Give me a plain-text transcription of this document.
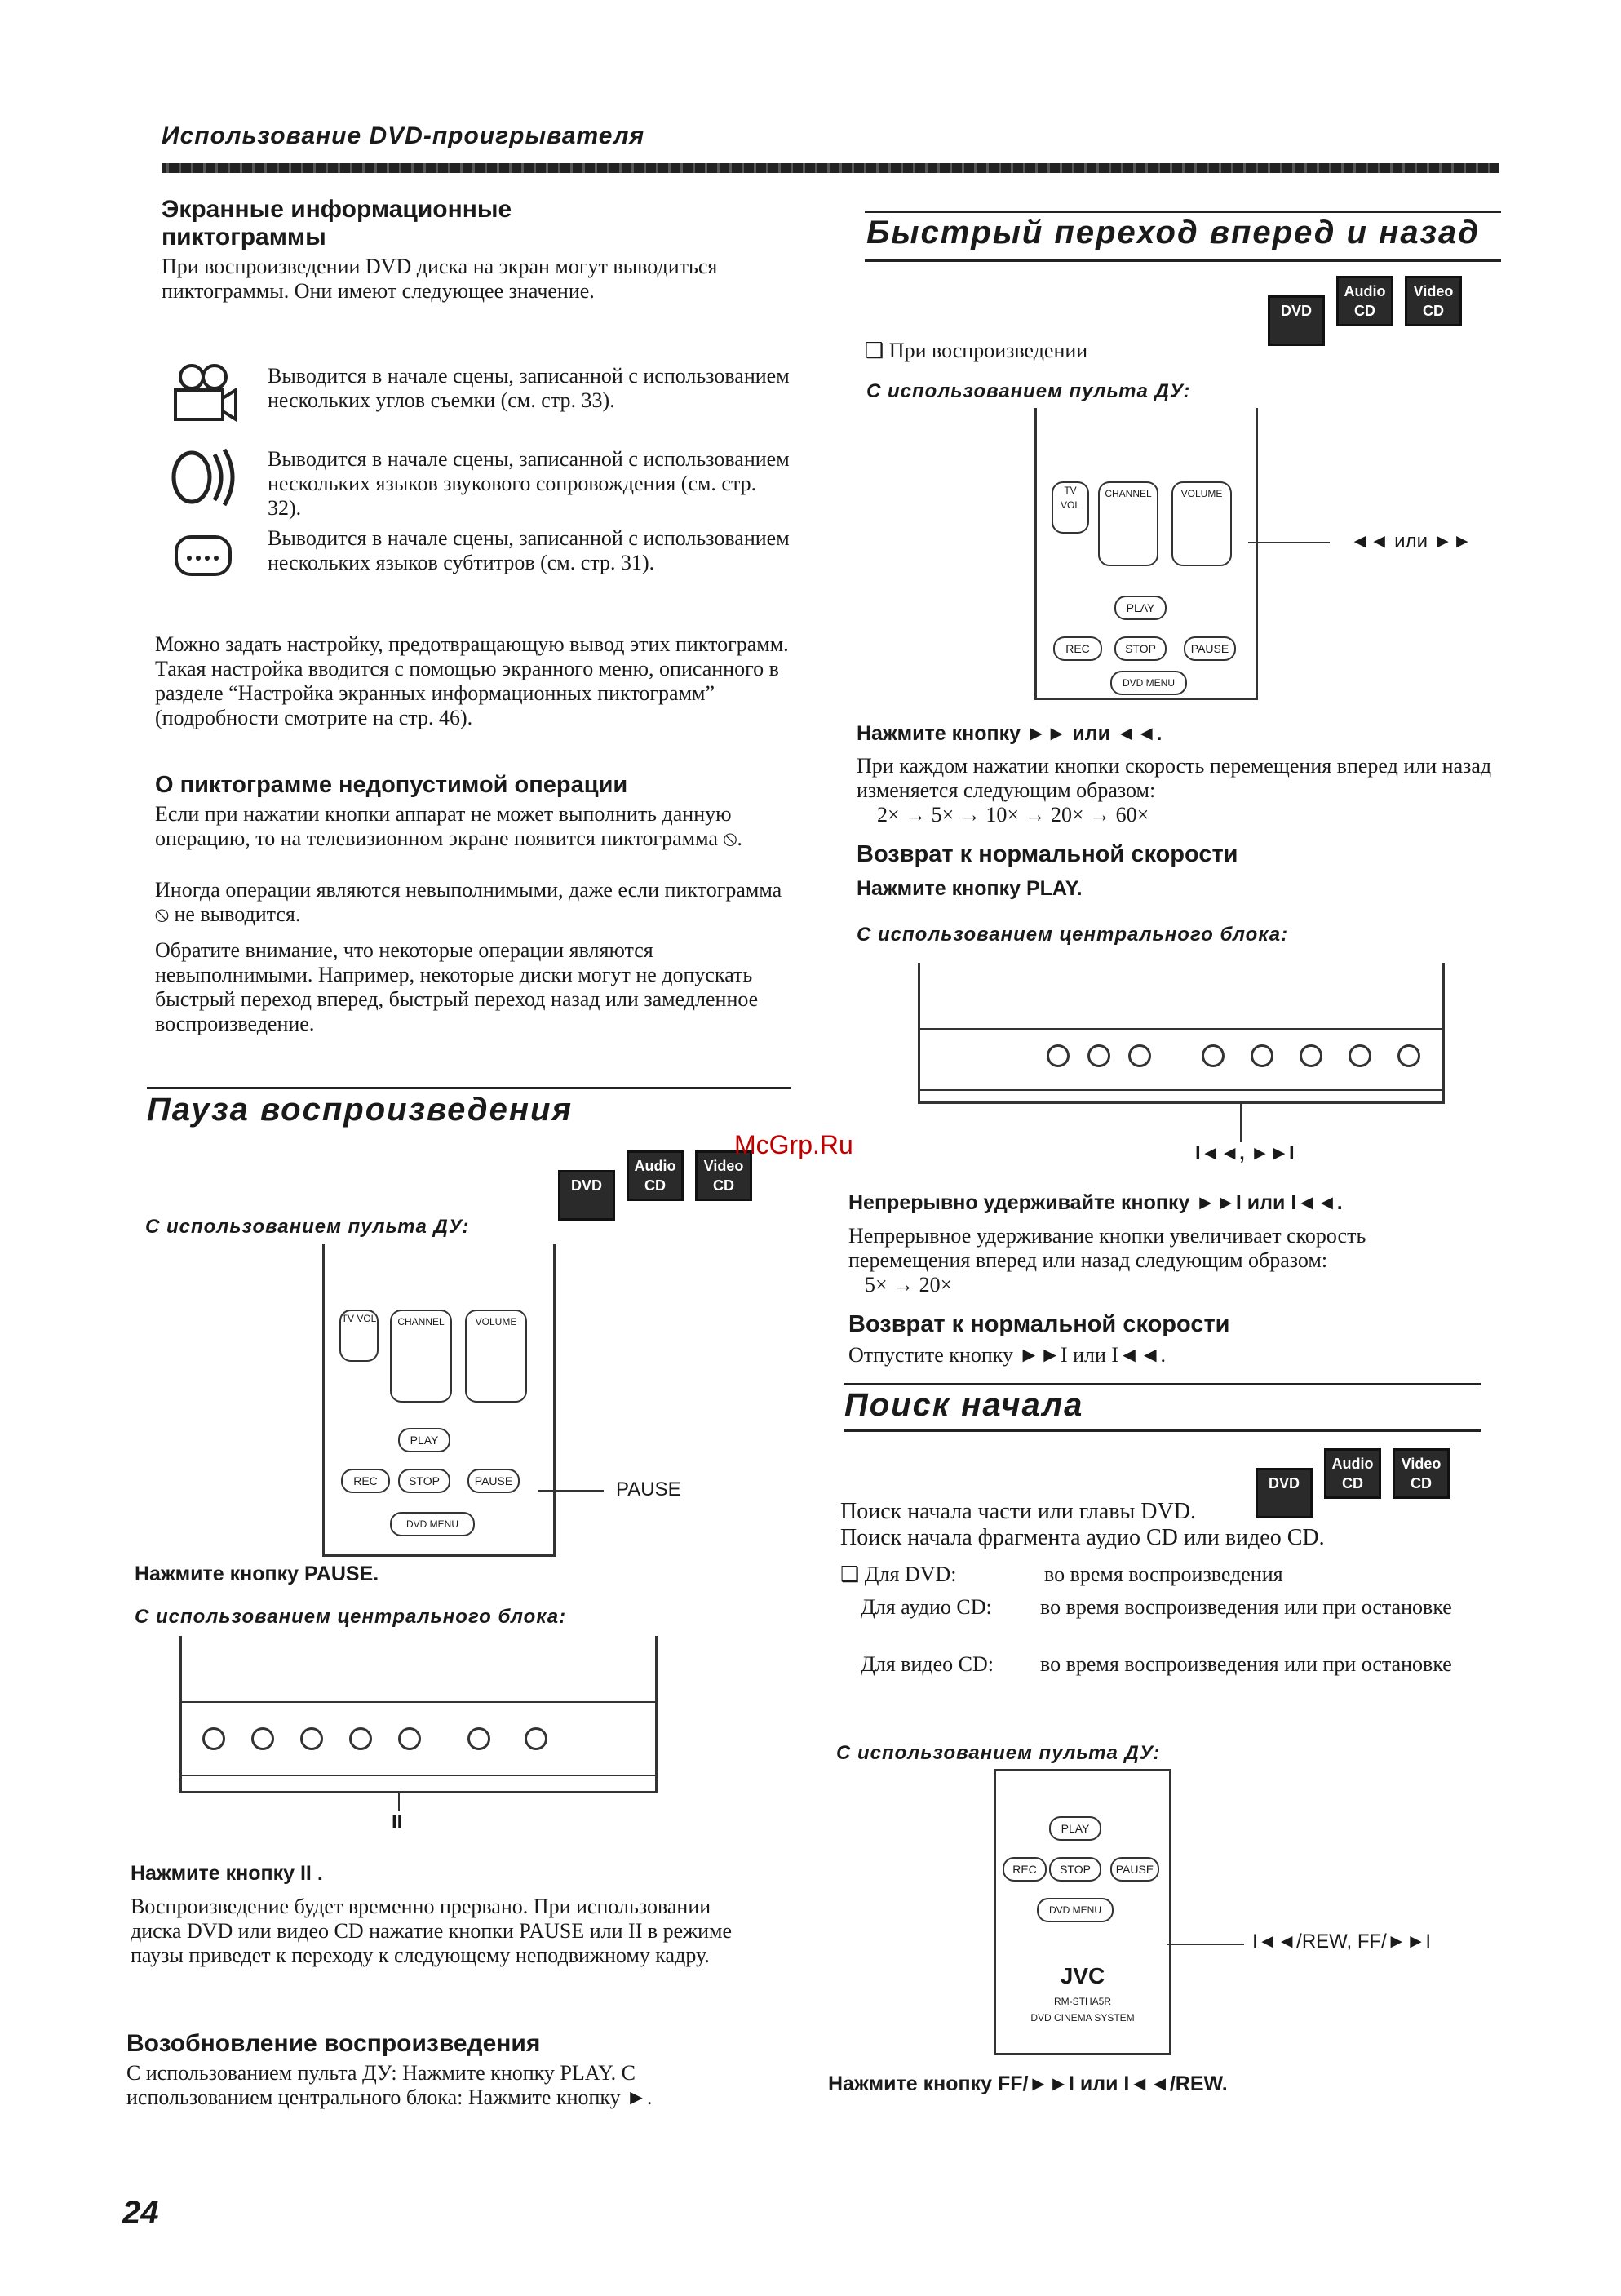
Использование DVD-проигрывателя
Экранные информационные пиктограммы
При воспроизведении DVD диска на экран могут выводиться пиктограммы. Они имеют следующее значение.
Выводится в начале сцены, записанной с использованием нескольких углов съемки (см. стр. 33).
Выводится в начале сцены, записанной с использованием нескольких языков звукового сопровождения (см. стр. 32).
Выводится в начале сцены, записанной с использованием нескольких языков субтитров (см. стр. 31).
Можно задать настройку, предотвращающую вывод этих пиктограмм. Такая настройка вводится с помощью экранного меню, описанного в разделе “Настройка экранных информационных пиктограмм” (подробности смотрите на стр. 46).
О пиктограмме недопустимой операции
Если при нажатии кнопки аппарат не может выполнить данную операцию, то на телевизионном экране появится пиктограмма ⦸.
Иногда операции являются невыполнимыми, даже если пиктограмма ⦸ не выводится.
Обратите внимание, что некоторые операции являются невыполнимыми. Например, некоторые диски могут не допускать быстрый переход вперед, быстрый переход назад или замедленное воспроизведение.
Пауза воспроизведения
DVD
Audio
CD
Video
CD
С использованием пульта ДУ:
TV VOL	CHANNEL	VOLUME
PLAY
STOP	PAUSE
REC
DVD MENU
PAUSE
Нажмите кнопку PAUSE.
С использованием центрального блока:
II
Нажмите кнопку II .
Воспроизведение будет временно прервано. При использовании диска DVD или видео CD нажатие кнопки PAUSE или II в режиме паузы приведет к переходу к следующему неподвижному кадру.
Возобновление воспроизведения
С использованием пульта ДУ: Нажмите кнопку PLAY. С использованием центрального блока: Нажмите кнопку ►.
Быстрый переход вперед и назад
DVD
Audio
CD
Video
CD
❑ При воспроизведении
С использованием пульта ДУ:
TV VOL
CHANNEL	VOLUME
PLAY
STOP	PAUSE
REC
DVD MENU
◄◄ или ►►
Нажмите кнопку ►► или ◄◄.
При каждом нажатии кнопки скорость перемещения вперед или назад изменяется следующим образом:
2× → 5× → 10× → 20× → 60×
Возврат к нормальной скорости
Нажмите кнопку PLAY.
С использованием центрального блока:
I◄◄, ►►I
Непрерывно удерживайте кнопку ►►I или I◄◄.
Непрерывное удерживание кнопки увеличивает скорость перемещения вперед или назад следующим образом:
5× → 20×
Возврат к нормальной скорости
Отпустите кнопку ►►I или I◄◄.
Поиск начала
DVD
Audio
CD
Video
CD
Поиск начала части или главы DVD.
Поиск начала фрагмента аудио CD или видео CD.
❑ Для DVD:	во время воспроизведения
Для аудио CD:	во время воспроизведения или при остановке
Для видео CD:	во время воспроизведения или при остановке
С использованием пульта ДУ:
PLAY
STOP	PAUSE
REC
DVD MENU
JVC
RM-STHA5R
DVD CINEMA SYSTEM
I◄◄/REW, FF/►►I
Нажмите кнопку FF/►►I или I◄◄/REW.
McGrp.Ru
24
